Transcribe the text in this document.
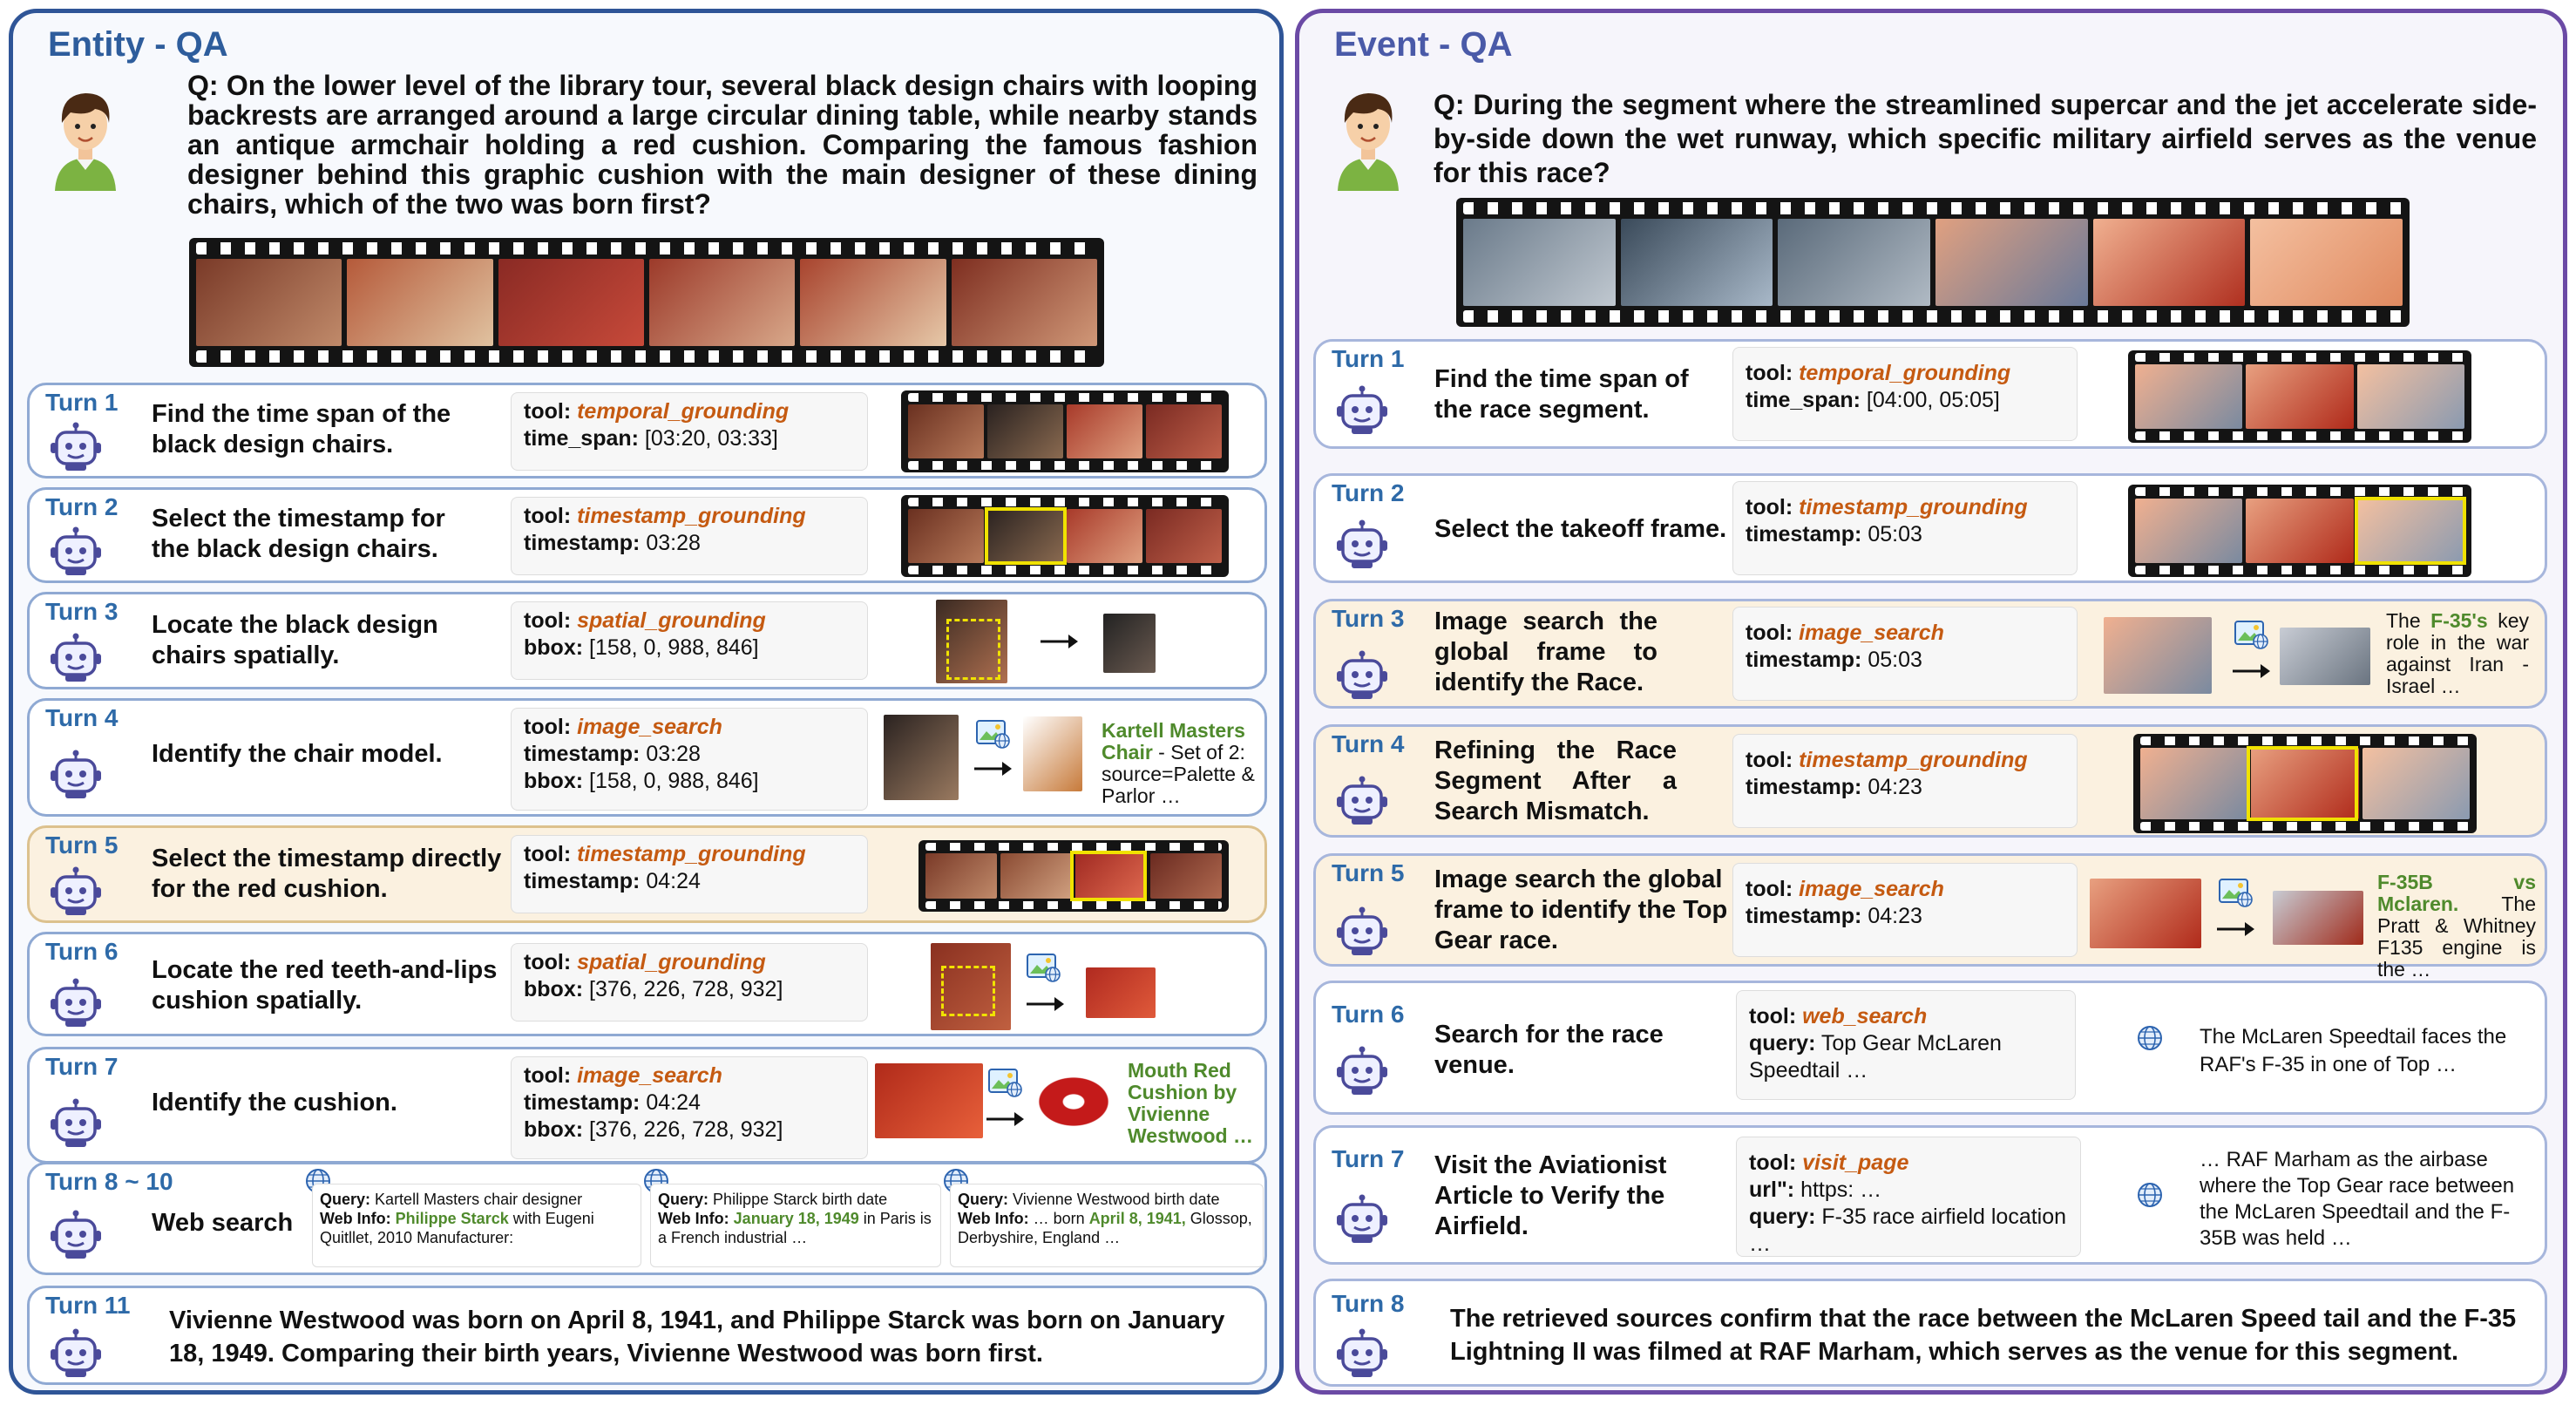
Entity - QA
Q: On the lower level of the library tour, several black design chairs with looping backrests are arranged around a large circular dining table, while nearby stands an antique armchair holding a red cushion. Comparing the famous fashion designer behind this graphic cushion with the main designer of these dining chairs, which of the two was born first?
Turn 1 Find the time span of the black design chairs.
tool: temporal_grounding
time_span: [03:20, 03:33]
Turn 2 Select the timestamp for the black design chairs.
tool: timestamp_grounding
timestamp: 03:28
Turn 3 Locate the black design chairs spatially.
tool: spatial_grounding
bbox: [158, 0, 988, 846]
Turn 4
Identify the chair model.
tool: image_search
timestamp: 03:28
bbox: [158, 0, 988, 846]
Kartell Masters Chair - Set of 2: source=Palette & Parlor …
Turn 5 Select the timestamp directly for the red cushion.
tool: timestamp_grounding
timestamp: 04:24
Turn 6
Locate the red teeth-and-lips cushion spatially.
tool: spatial_grounding
bbox: [376, 226, 728, 932]
Turn 7
Identify the cushion.
tool: image_search
timestamp: 04:24
bbox: [376, 226, 728, 932]
Mouth Red Cushion by Vivienne Westwood …
Turn 8 ~ 10
Web search
Query: Kartell Masters chair designer
Web Info: Philippe Starck with Eugeni Quitllet, 2010 Manufacturer:
Query: Philippe Starck birth date
Web Info: January 18, 1949 in Paris is a French industrial …
Query: Vivienne Westwood birth date
Web Info: … born April 8, 1941, Glossop, Derbyshire, England …
Turn 11
Vivienne Westwood was born on April 8, 1941, and Philippe Starck was born on January 18, 1949. Comparing their birth years, Vivienne Westwood was born first.
Event - QA
Q: During the segment where the streamlined supercar and the jet accelerate side-by-side down the wet runway, which specific military airfield serves as the venue for this race?
Turn 1
Find the time span of the race segment.
tool: temporal_grounding
time_span: [04:00, 05:05]
Turn 2
Select the takeoff frame.
tool: timestamp_grounding
timestamp: 05:03
Turn 3 Image search the global frame to identify the Race.
tool: image_search
timestamp: 05:03
The F-35's key role in the war against Iran - Israel …
Turn 4 Refining the Race Segment After a Search Mismatch.
tool: timestamp_grounding
timestamp: 04:23
Turn 5 Image search the global frame to identify the Top Gear race.
tool: image_search
timestamp: 04:23
F-35B vs Mclaren. The Pratt & Whitney F135 engine is the …
Turn 6
Search for the race venue.
tool: web_search
query: Top Gear McLaren Speedtail …
The McLaren Speedtail faces the RAF's F-35 in one of Top …
Turn 7 Visit the Aviationist Article to Verify the Airfield.
tool: visit_page
url": https: …
query: F-35 race airfield location …
… RAF Marham as the airbase where the Top Gear race between the McLaren Speedtail and the F-35B was held …
Turn 8
The retrieved sources confirm that the race between the McLaren Speed tail and the F-35 Lightning II was filmed at RAF Marham, which serves as the venue for this segment.
